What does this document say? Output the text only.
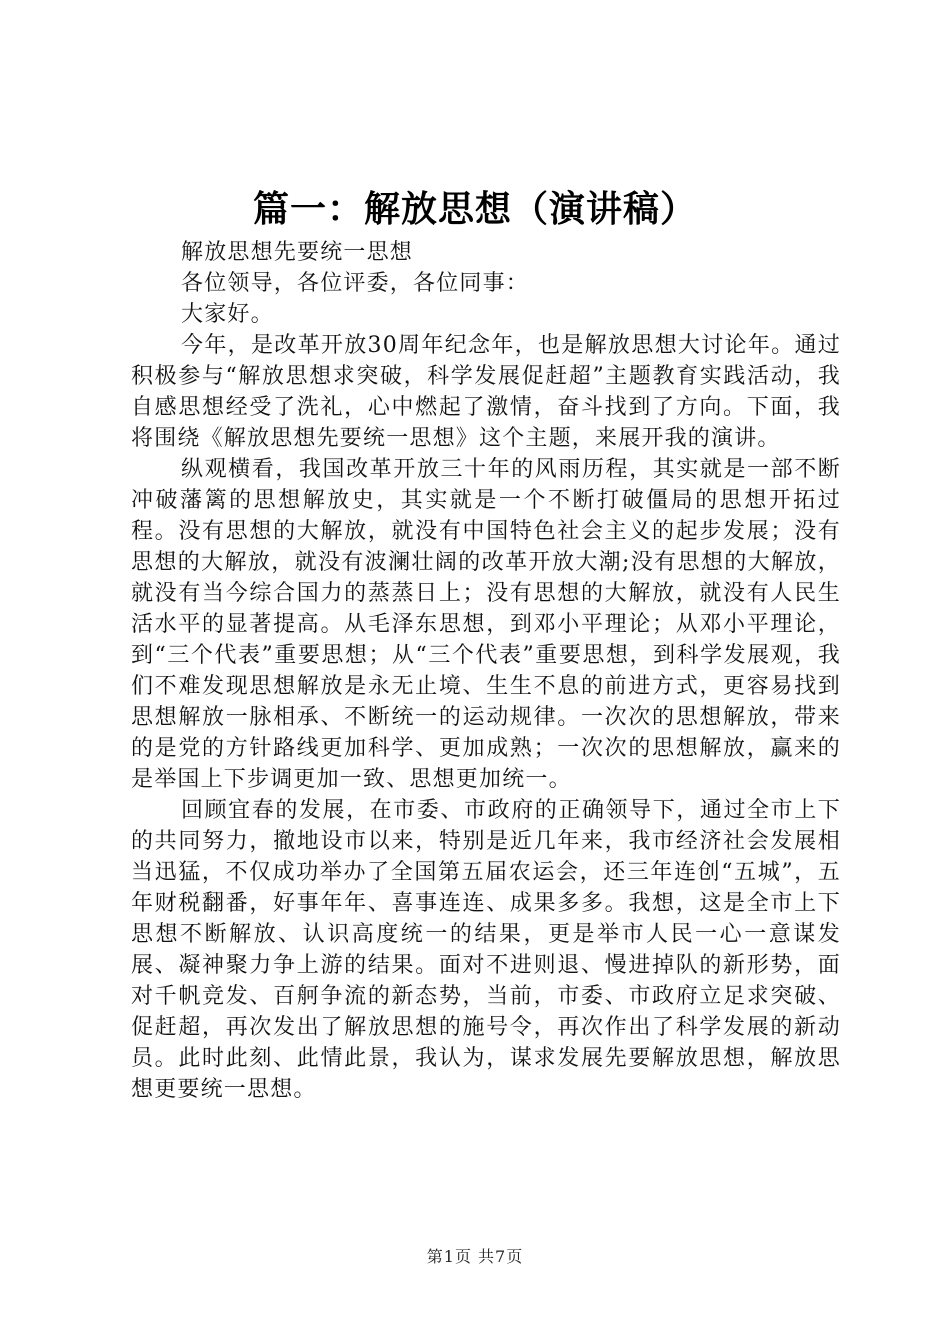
篇一：解放思想（演讲稿）
解放思想先要统一思想
各位领导，各位评委，各位同事：
大家好。

今年，是改革开放30周年纪念年，也是解放思想大讨论年。通过积极参与“解放思想求突破，科学发展促赶超”主题教育实践活动，我自感思想经受了洗礼，心中燃起了激情，奋斗找到了方向。下面，我将围绕《解放思想先要统一思想》这个主题，来展开我的演讲。

纵观横看，我国改革开放三十年的风雨历程，其实就是一部不断冲破藩篱的思想解放史，其实就是一个不断打破僵局的思想开拓过程。没有思想的大解放，就没有中国特色社会主义的起步发展；没有思想的大解放，就没有波澜壮阔的改革开放大潮;没有思想的大解放，就没有当今综合国力的蒸蒸日上；没有思想的大解放，就没有人民生活水平的显著提高。从毛泽东思想，到邓小平理论；从邓小平理论，到“三个代表”重要思想；从“三个代表”重要思想，到科学发展观，我们不难发现思想解放是永无止境、生生不息的前进方式，更容易找到思想解放一脉相承、不断统一的运动规律。一次次的思想解放，带来的是党的方针路线更加科学、更加成熟；一次次的思想解放，赢来的是举国上下步调更加一致、思想更加统一。

回顾宜春的发展，在市委、市政府的正确领导下，通过全市上下的共同努力，撤地设市以来，特别是近几年来，我市经济社会发展相当迅猛，不仅成功举办了全国第五届农运会，还三年连创“五城”，五年财税翻番，好事年年、喜事连连、成果多多。我想，这是全市上下思想不断解放、认识高度统一的结果，更是举市人民一心一意谋发展、凝神聚力争上游的结果。面对不进则退、慢进掉队的新形势，面对千帆竞发、百舸争流的新态势，当前，市委、市政府立足求突破、促赶超，再次发出了解放思想的施号令，再次作出了科学发展的新动员。此时此刻、此情此景，我认为，谋求发展先要解放思想，解放思想更要统一思想。

第1页 共7页
